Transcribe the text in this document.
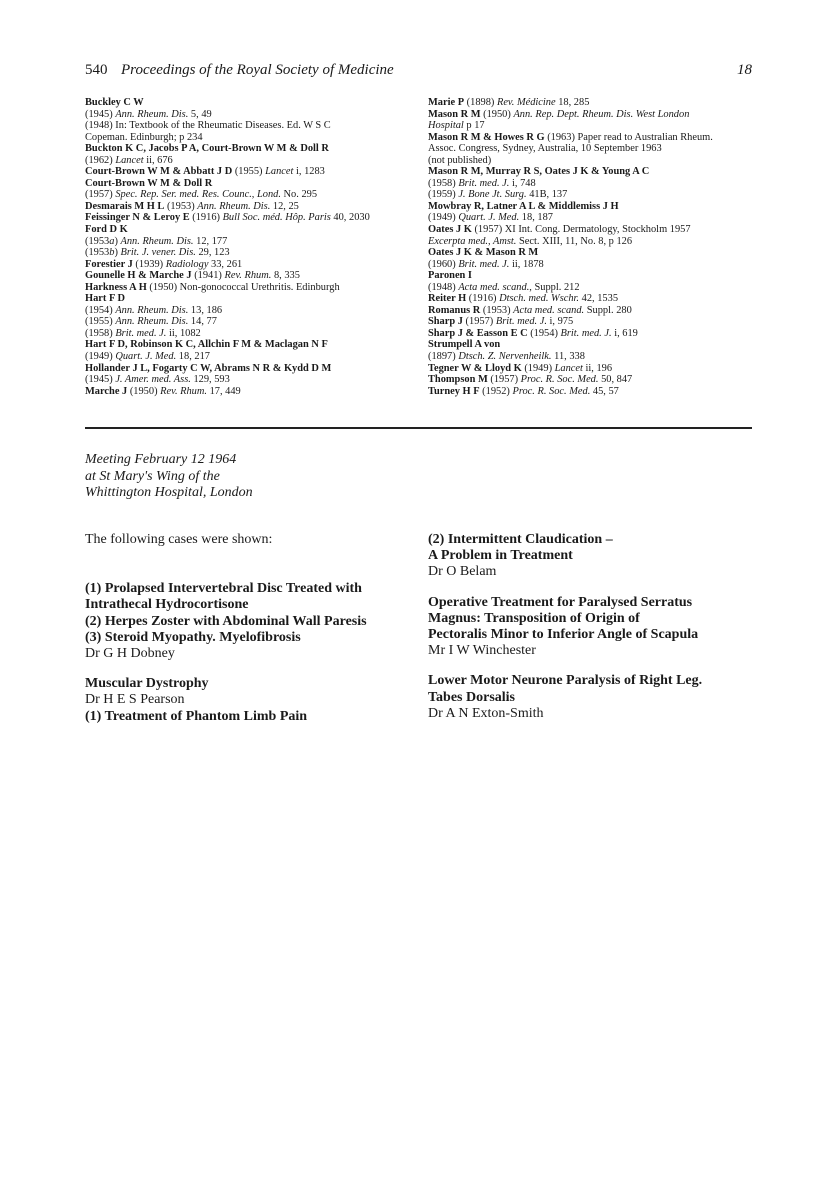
540 Proceedings of the Royal Society of Medicine	18
Buckley C W
(1945) Ann. Rheum. Dis. 5, 49
(1948) In: Textbook of the Rheumatic Diseases. Ed. W S C
Copeman. Edinburgh; p 234
Buckton K C, Jacobs P A, Court-Brown W M & Doll R
(1962) Lancet ii, 676
Court-Brown W M & Abbatt J D (1955) Lancet i, 1283
Court-Brown W M & Doll R
(1957) Spec. Rep. Ser. med. Res. Counc., Lond. No. 295
Desmarais M H L (1953) Ann. Rheum. Dis. 12, 25
Feissinger N & Leroy E (1916) Bull Soc. méd. Hôp. Paris 40, 2030
Ford D K
(1953a) Ann. Rheum. Dis. 12, 177
(1953b) Brit. J. vener. Dis. 29, 123
Forestier J (1939) Radiology 33, 261
Gounelle H & Marche J (1941) Rev. Rhum. 8, 335
Harkness A H (1950) Non-gonococcal Urethritis. Edinburgh
Hart F D
(1954) Ann. Rheum. Dis. 13, 186
(1955) Ann. Rheum. Dis. 14, 77
(1958) Brit. med. J. ii, 1082
Hart F D, Robinson K C, Allchin F M & Maclagan N F
(1949) Quart. J. Med. 18, 217
Hollander J L, Fogarty C W, Abrams N R & Kydd D M
(1945) J. Amer. med. Ass. 129, 593
Marche J (1950) Rev. Rhum. 17, 449
Marie P (1898) Rev. Médicine 18, 285
Mason R M (1950) Ann. Rep. Dept. Rheum. Dis. West London
Hospital p 17
Mason R M & Howes R G (1963) Paper read to Australian Rheum.
Assoc. Congress, Sydney, Australia, 10 September 1963
(not published)
Mason R M, Murray R S, Oates J K & Young A C
(1958) Brit. med. J. i, 748
(1959) J. Bone Jt. Surg. 41B, 137
Mowbray R, Latner A L & Middlemiss J H
(1949) Quart. J. Med. 18, 187
Oates J K (1957) XI Int. Cong. Dermatology, Stockholm 1957
Excerpta med., Amst. Sect. XIII, 11, No. 8, p 126
Oates J K & Mason R M
(1960) Brit. med. J. ii, 1878
Paronen I
(1948) Acta med. scand., Suppl. 212
Reiter H (1916) Dtsch. med. Wschr. 42, 1535
Romanus R (1953) Acta med. scand. Suppl. 280
Sharp J (1957) Brit. med. J. i, 975
Sharp J & Easson E C (1954) Brit. med. J. i, 619
Strumpell A von
(1897) Dtsch. Z. Nervenheilk. 11, 338
Tegner W & Lloyd K (1949) Lancet ii, 196
Thompson M (1957) Proc. R. Soc. Med. 50, 847
Turney H F (1952) Proc. R. Soc. Med. 45, 57
Meeting February 12 1964
at St Mary's Wing of the
Whittington Hospital, London
The following cases were shown:
(1) Prolapsed Intervertebral Disc Treated with
Intrathecal Hydrocortisone
(2) Herpes Zoster with Abdominal Wall Paresis
(3) Steroid Myopathy. Myelofibrosis
Dr G H Dobney
Muscular Dystrophy
Dr H E S Pearson
(1) Treatment of Phantom Limb Pain
(2) Intermittent Claudication –
A Problem in Treatment
Dr O Belam
Operative Treatment for Paralysed Serratus
Magnus: Transposition of Origin of
Pectoralis Minor to Inferior Angle of Scapula
Mr I W Winchester
Lower Motor Neurone Paralysis of Right Leg.
Tabes Dorsalis
Dr A N Exton-Smith
